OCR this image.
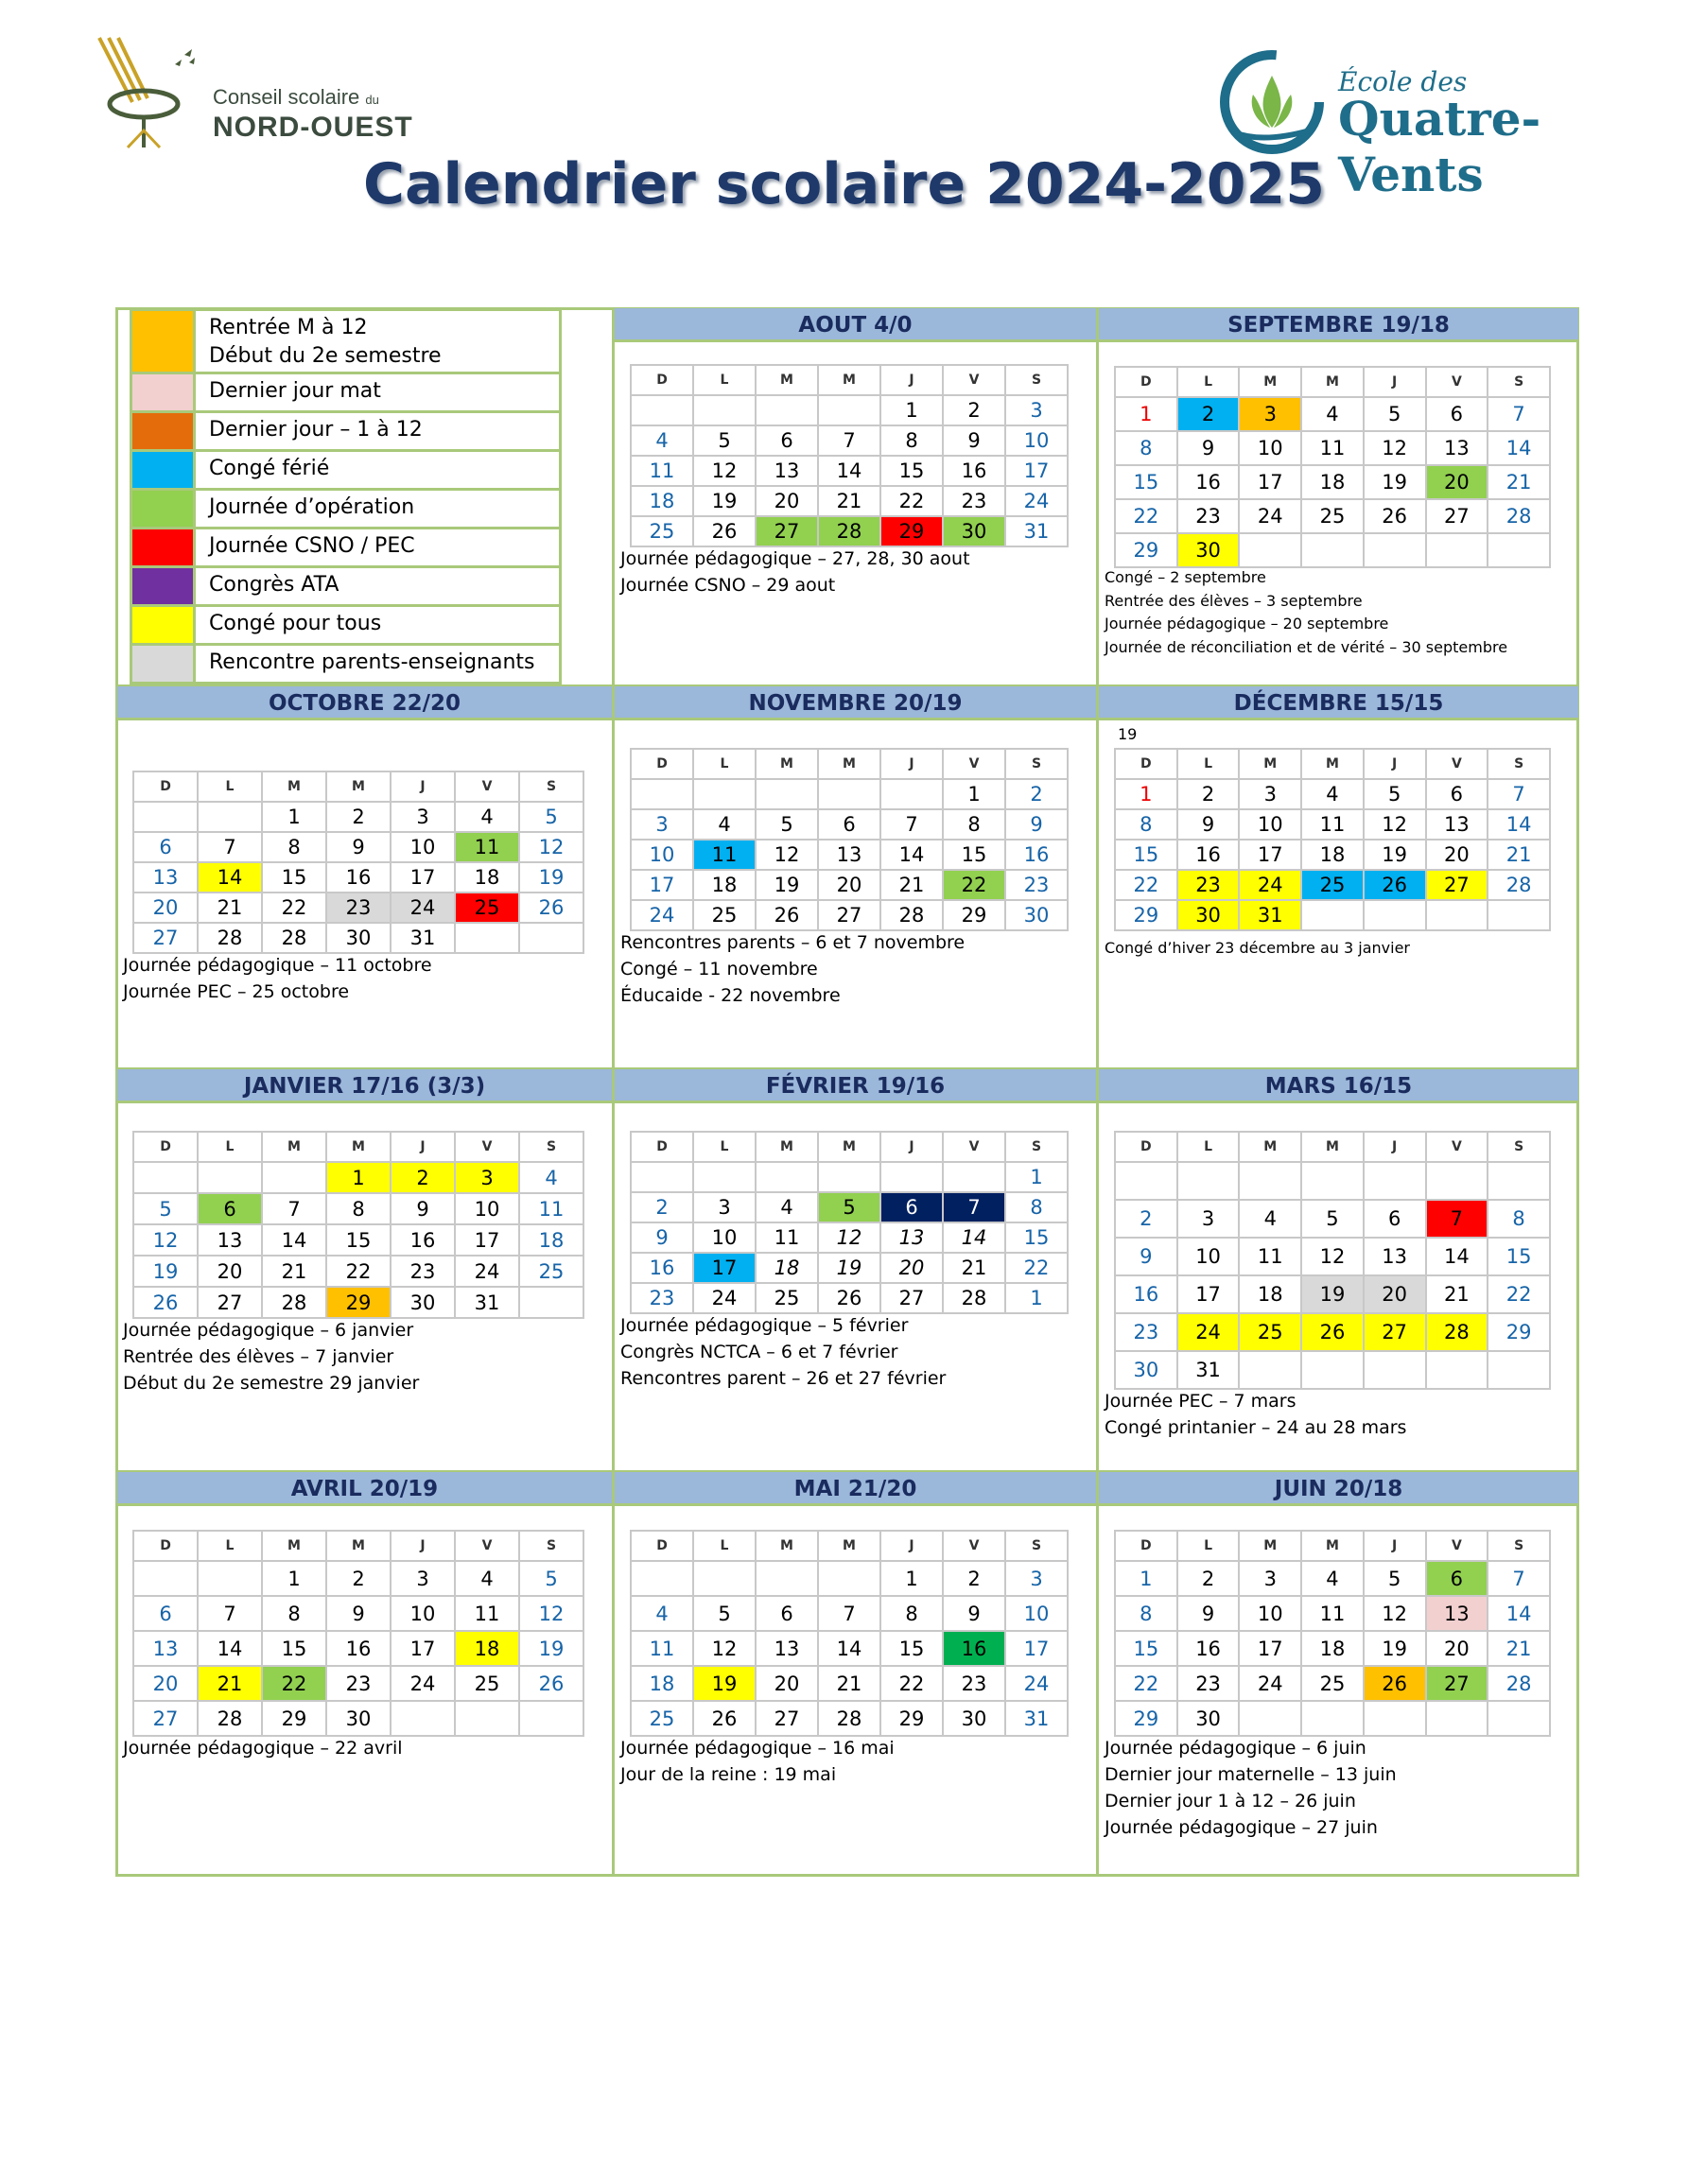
Conseil scolaire du
NORD-OUEST
École des
Quatre-Vents
Calendrier scolaire 2024-2025
Rentrée M à 12
Début du 2e semestre
Dernier jour mat
Dernier jour – 1 à 12
Congé férié
Journée d’opération
Journée CSNO / PEC
Congrès ATA
Congé pour tous
Rencontre parents-enseignants
AOUT 4/0
D	L	M	M	J	V	S
				1	2	3
4	5	6	7	8	9	10
11	12	13	14	15	16	17
18	19	20	21	22	23	24
25	26	27	28	29	30	31
Journée pédagogique – 27, 28, 30 aout
Journée CSNO – 29 aout
SEPTEMBRE 19/18
D	L	M	M	J	V	S
1	2	3	4	5	6	7
8	9	10	11	12	13	14
15	16	17	18	19	20	21
22	23	24	25	26	27	28
29	30					
Congé – 2 septembre
Rentrée des élèves – 3 septembre
Journée pédagogique – 20 septembre
Journée de réconciliation et de vérité – 30 septembre
OCTOBRE 22/20
D	L	M	M	J	V	S
		1	2	3	4	5
6	7	8	9	10	11	12
13	14	15	16	17	18	19
20	21	22	23	24	25	26
27	28	28	30	31		
Journée pédagogique – 11 octobre
Journée PEC – 25 octobre
NOVEMBRE 20/19
D	L	M	M	J	V	S
					1	2
3	4	5	6	7	8	9
10	11	12	13	14	15	16
17	18	19	20	21	22	23
24	25	26	27	28	29	30
Rencontres parents – 6 et 7 novembre
Congé – 11 novembre
Éducaide - 22 novembre
DÉCEMBRE 15/15
19
D	L	M	M	J	V	S
1	2	3	4	5	6	7
8	9	10	11	12	13	14
15	16	17	18	19	20	21
22	23	24	25	26	27	28
29	30	31				
Congé d’hiver 23 décembre au 3 janvier
JANVIER 17/16 (3/3)
D	L	M	M	J	V	S
			1	2	3	4
5	6	7	8	9	10	11
12	13	14	15	16	17	18
19	20	21	22	23	24	25
26	27	28	29	30	31	
Journée pédagogique – 6 janvier
Rentrée des élèves – 7 janvier
Début du 2e semestre 29 janvier
FÉVRIER 19/16
D	L	M	M	J	V	S
						1
2	3	4	5	6	7	8
9	10	11	12	13	14	15
16	17	18	19	20	21	22
23	24	25	26	27	28	1
Journée pédagogique – 5 février
Congrès NCTCA – 6 et 7 février
Rencontres parent – 26 et 27 février
MARS 16/15
D	L	M	M	J	V	S

2	3	4	5	6	7	8
9	10	11	12	13	14	15
16	17	18	19	20	21	22
23	24	25	26	27	28	29
30	31					
Journée PEC – 7 mars
Congé printanier – 24 au 28 mars
AVRIL 20/19
D	L	M	M	J	V	S
		1	2	3	4	5
6	7	8	9	10	11	12
13	14	15	16	17	18	19
20	21	22	23	24	25	26
27	28	29	30			
Journée pédagogique – 22 avril
MAI 21/20
D	L	M	M	J	V	S
				1	2	3
4	5	6	7	8	9	10
11	12	13	14	15	16	17
18	19	20	21	22	23	24
25	26	27	28	29	30	31
Journée pédagogique – 16 mai
Jour de la reine : 19 mai
JUIN 20/18
D	L	M	M	J	V	S
1	2	3	4	5	6	7
8	9	10	11	12	13	14
15	16	17	18	19	20	21
22	23	24	25	26	27	28
29	30					
Journée pédagogique – 6 juin
Dernier jour maternelle – 13 juin
Dernier jour 1 à 12 – 26 juin
Journée pédagogique – 27 juin
